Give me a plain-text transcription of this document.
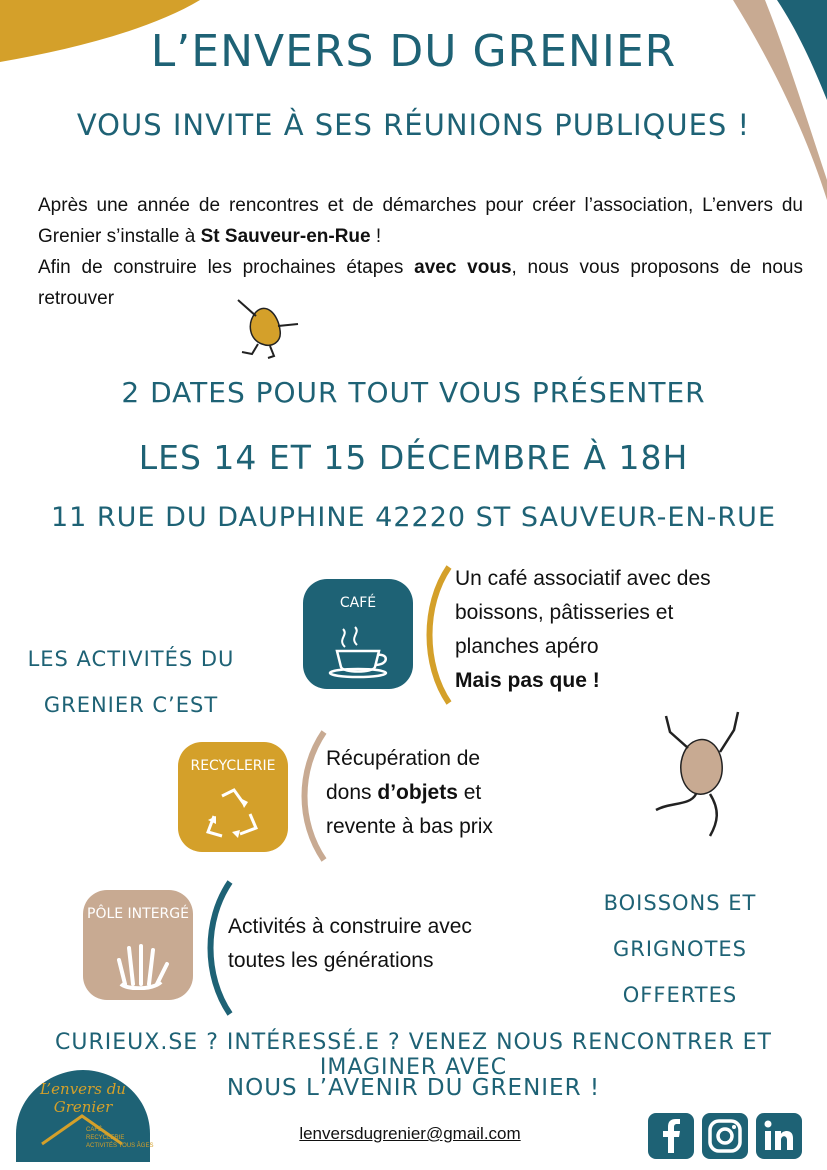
L’ENVERS DU GRENIER
VOUS INVITE À SES RÉUNIONS PUBLIQUES !
Après une année de rencontres et de démarches pour créer l’association, L’envers du Grenier s’installe à St Sauveur-en-Rue !
Afin de construire les prochaines étapes avec vous, nous vous proposons de nous retrouver
2 DATES POUR TOUT VOUS PRÉSENTER
LES 14 ET 15 DÉCEMBRE À 18H
11 RUE DU DAUPHINE 42220 ST SAUVEUR-EN-RUE
LES ACTIVITÉS DU
GRENIER C’EST
CAFÉ
Un café associatif avec des
boissons, pâtisseries et
planches apéro
Mais pas que !
RECYCLERIE	Récupération de
dons d’objets et
revente à bas prix
PÔLE INTERGÉ
Activités à construire avec
toutes les générations
BOISSONS ET
GRIGNOTES OFFERTES
CURIEUX.SE ? INTÉRESSÉ.E ? VENEZ NOUS RENCONTRER ET IMAGINER AVEC
NOUS L’AVENIR DU GRENIER !
L’envers du Grenier
CAFÉ
RECYCLERIE
ACTIVITÉS TOUS ÂGES
lenversdugrenier@gmail.com
